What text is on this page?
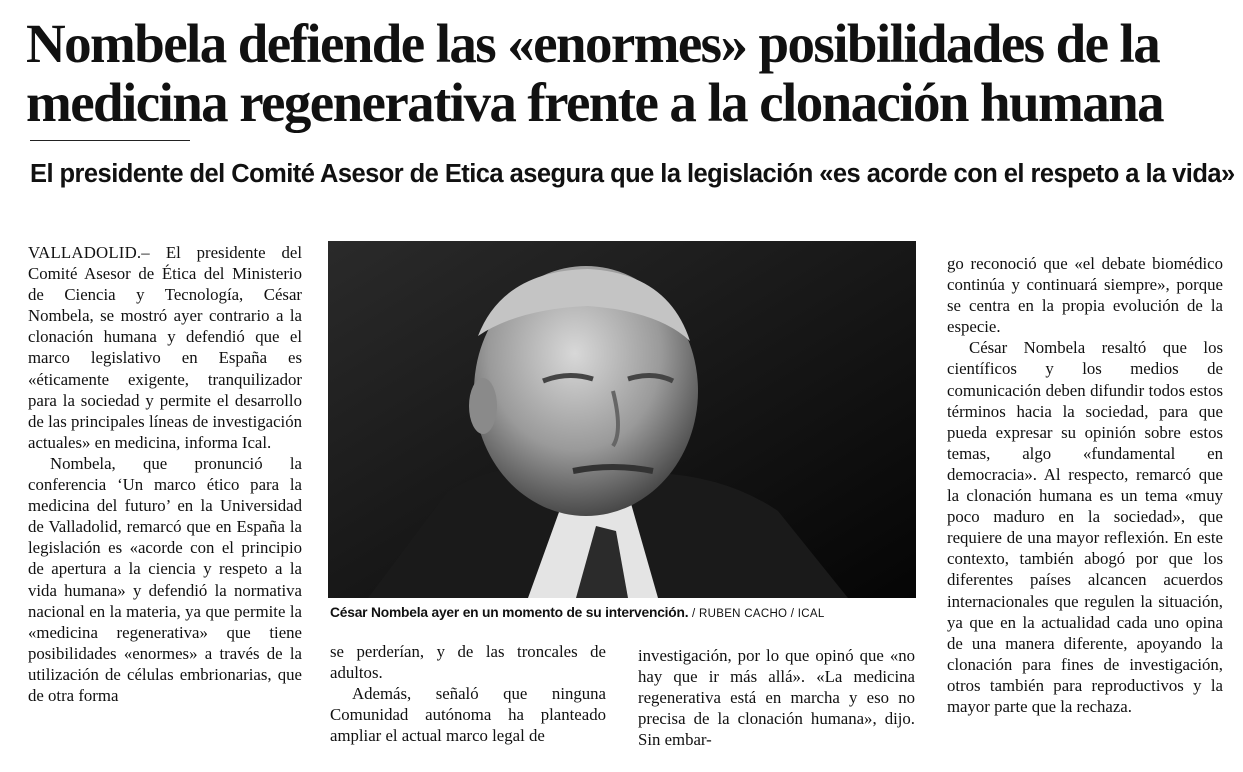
Nombela defiende las «enormes» posibilidades de la medicina regenerativa frente a la clonación humana
El presidente del Comité Asesor de Etica asegura que la legislación «es acorde con el respeto a la vida»

VALLADOLID.– El presidente del Comité Asesor de Ética del Ministerio de Ciencia y Tecnología, César Nombela, se mostró ayer contrario a la clonación humana y defendió que el marco legislativo en España es «éticamente exigente, tranquilizador para la sociedad y permite el desarrollo de las principales líneas de investigación actuales» en medicina, informa Ical.

Nombela, que pronunció la conferencia ‘Un marco ético para la medicina del futuro’ en la Universidad de Valladolid, remarcó que en España la legislación es «acorde con el principio de apertura a la ciencia y respeto a la vida humana» y defendió la normativa nacional en la materia, ya que permite la «medicina regenerativa» que tiene posibilidades «enormes» a través de la utilización de células embrionarias, que de otra forma

César Nombela ayer en un momento de su intervención. / RUBEN CACHO / ICAL

se perderían, y de las troncales de adultos.

Además, señaló que ninguna Comunidad autónoma ha planteado ampliar el actual marco legal de

investigación, por lo que opinó que «no hay que ir más allá». «La medicina regenerativa está en marcha y eso no precisa de la clonación humana», dijo. Sin embar-

go reconoció que «el debate biomédico continúa y continuará siempre», porque se centra en la propia evolución de la especie.

César Nombela resaltó que los científicos y los medios de comunicación deben difundir todos estos términos hacia la sociedad, para que pueda expresar su opinión sobre estos temas, algo «fundamental en democracia». Al respecto, remarcó que la clonación humana es un tema «muy poco maduro en la sociedad», que requiere de una mayor reflexión. En este contexto, también abogó por que los diferentes países alcancen acuerdos internacionales que regulen la situación, ya que en la actualidad cada uno opina de una manera diferente, apoyando la clonación para fines de investigación, otros también para reproductivos y la mayor parte que la rechaza.
